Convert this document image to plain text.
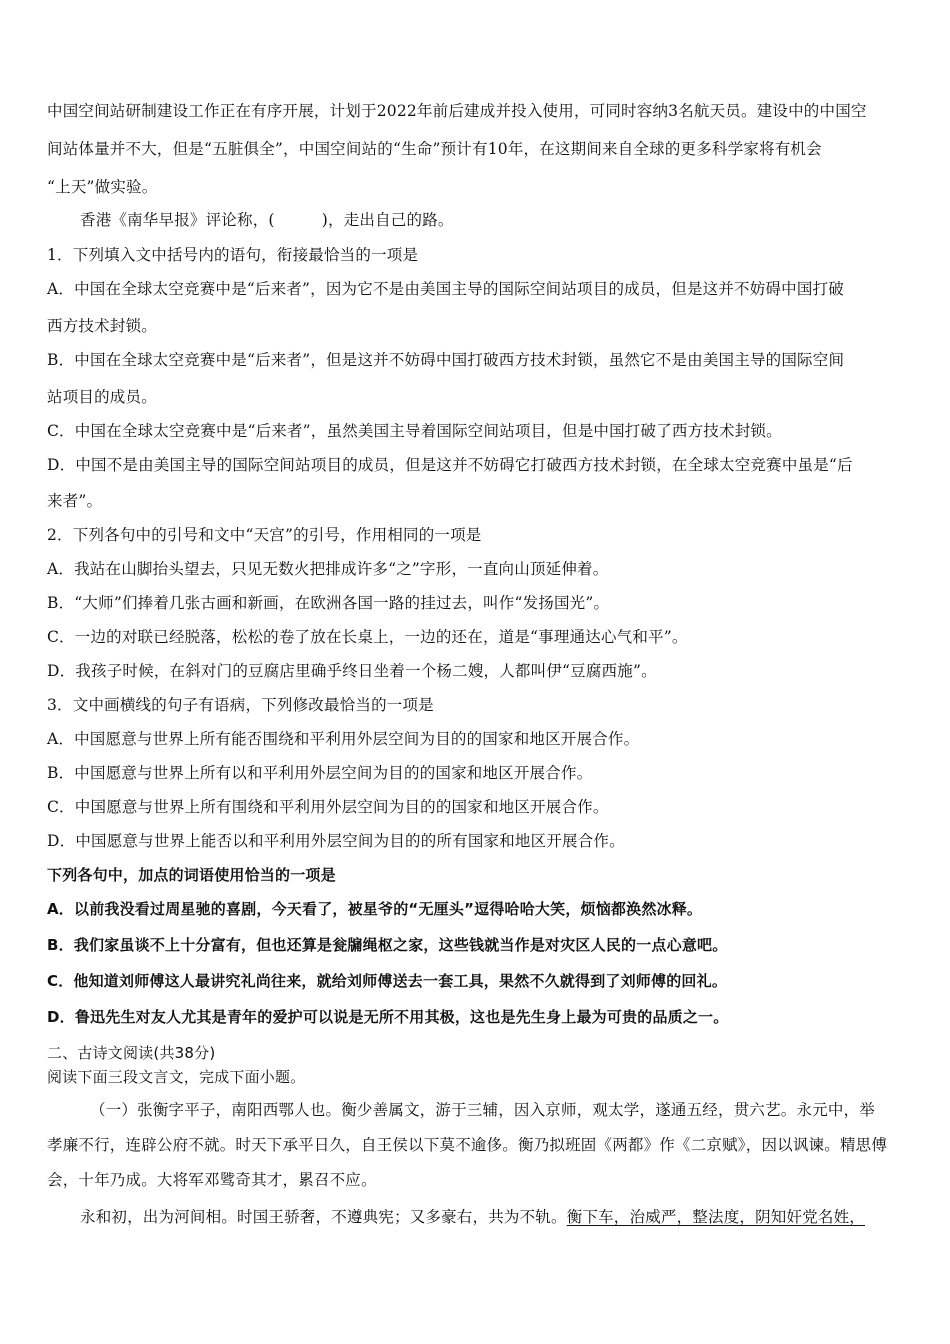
中国空间站研制建设工作正在有序开展，计划于2022年前后建成并投入使用，可同时容纳3名航天员。建设中的中国空
间站体量并不大，但是“五脏俱全”，中国空间站的“生命”预计有10年，在这期间来自全球的更多科学家将有机会
“上天”做实验。
香港《南华早报》评论称，(　　　)，走出自己的路。
1．下列填入文中括号内的语句，衔接最恰当的一项是
A．中国在全球太空竞赛中是“后来者”，因为它不是由美国主导的国际空间站项目的成员，但是这并不妨碍中国打破
西方技术封锁。
B．中国在全球太空竞赛中是“后来者”，但是这并不妨碍中国打破西方技术封锁，虽然它不是由美国主导的国际空间
站项目的成员。
C．中国在全球太空竞赛中是“后来者”，虽然美国主导着国际空间站项目，但是中国打破了西方技术封锁。
D．中国不是由美国主导的国际空间站项目的成员，但是这并不妨碍它打破西方技术封锁，在全球太空竞赛中虽是“后
来者”。
2．下列各句中的引号和文中“天宫”的引号，作用相同的一项是
A．我站在山脚抬头望去，只见无数火把排成许多“之”字形，一直向山顶延伸着。
B．“大师”们捧着几张古画和新画，在欧洲各国一路的挂过去，叫作“发扬国光”。
C．一边的对联已经脱落，松松的卷了放在长桌上，一边的还在，道是“事理通达心气和平”。
D．我孩子时候，在斜对门的豆腐店里确乎终日坐着一个杨二嫂，人都叫伊“豆腐西施”。
3．文中画横线的句子有语病，下列修改最恰当的一项是
A．中国愿意与世界上所有能否围绕和平利用外层空间为目的的国家和地区开展合作。
B．中国愿意与世界上所有以和平利用外层空间为目的的国家和地区开展合作。
C．中国愿意与世界上所有围绕和平利用外层空间为目的的国家和地区开展合作。
D．中国愿意与世界上能否以和平利用外层空间为目的的所有国家和地区开展合作。
下列各句中，加点的词语使用恰当的一项是
A．以前我没看过周星驰的喜剧，今天看了，被星爷的“无厘头”逗得哈哈大笑，烦恼都涣然冰释。
B．我们家虽谈不上十分富有，但也还算是瓮牖绳枢之家，这些钱就当作是对灾区人民的一点心意吧。
C．他知道刘师傅这人最讲究礼尚往来，就给刘师傅送去一套工具，果然不久就得到了刘师傅的回礼。
D．鲁迅先生对友人尤其是青年的爱护可以说是无所不用其极，这也是先生身上最为可贵的品质之一。
二、古诗文阅读(共38分)
阅读下面三段文言文，完成下面小题。
（一）张衡字平子，南阳西鄂人也。衡少善属文，游于三辅，因入京师，观太学，遂通五经，贯六艺。永元中，举
孝廉不行，连辟公府不就。时天下承平日久，自王侯以下莫不逾侈。衡乃拟班固《两都》作《二京赋》，因以讽谏。精思傅
会，十年乃成。大将军邓骘奇其才，累召不应。
永和初，出为河间相。时国王骄奢，不遵典宪；又多豪右，共为不轨。衡下车，治威严，整法度，阴知奸党名姓，
